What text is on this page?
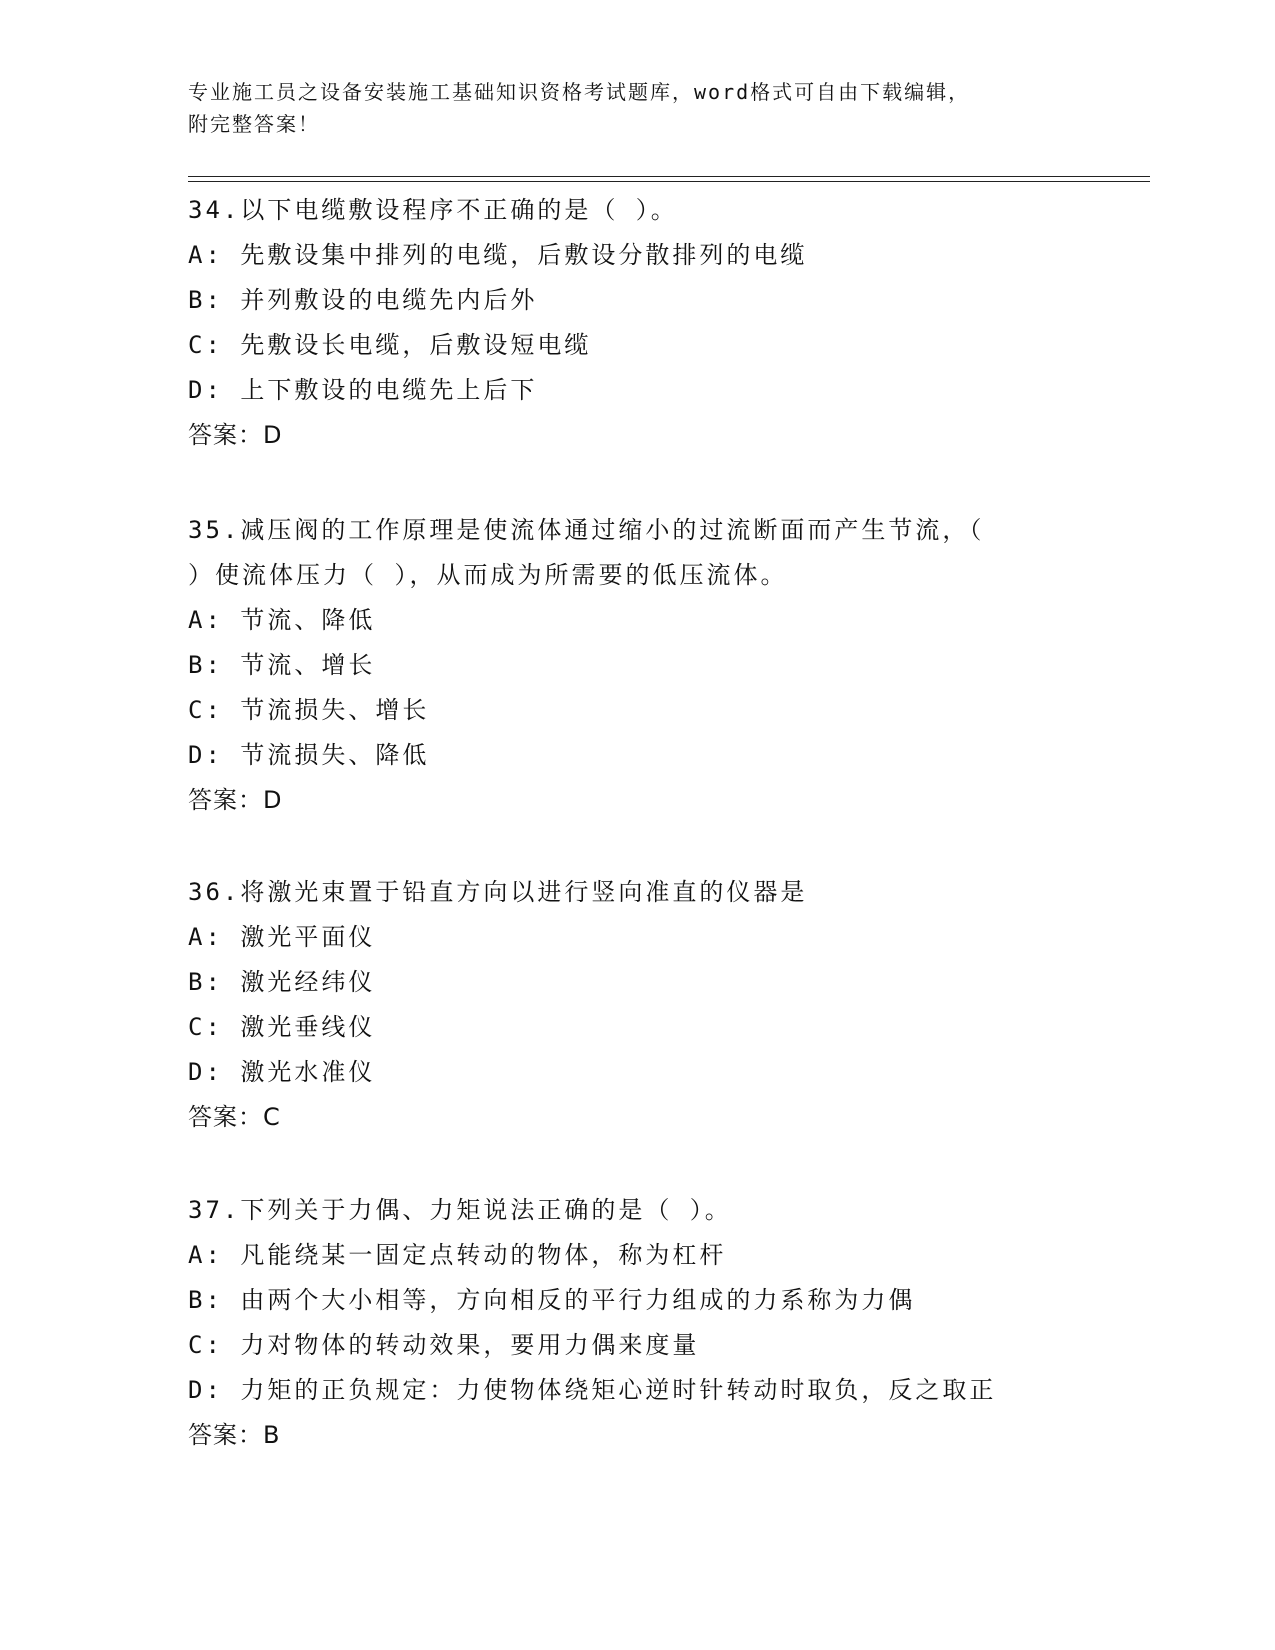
专业施工员之设备安装施工基础知识资格考试题库，word格式可自由下载编辑，
附完整答案！
34.以下电缆敷设程序不正确的是（ ）。
A: 先敷设集中排列的电缆，后敷设分散排列的电缆
B: 并列敷设的电缆先内后外
C: 先敷设长电缆，后敷设短电缆
D: 上下敷设的电缆先上后下
答案：D
35.减压阀的工作原理是使流体通过缩小的过流断面而产生节流，（
）使流体压力（ ），从而成为所需要的低压流体。
A: 节流、降低
B: 节流、增长
C: 节流损失、增长
D: 节流损失、降低
答案：D
36.将激光束置于铅直方向以进行竖向准直的仪器是
A: 激光平面仪
B: 激光经纬仪
C: 激光垂线仪
D: 激光水准仪
答案：C
37.下列关于力偶、力矩说法正确的是（ ）。
A: 凡能绕某一固定点转动的物体，称为杠杆
B: 由两个大小相等，方向相反的平行力组成的力系称为力偶
C: 力对物体的转动效果，要用力偶来度量
D: 力矩的正负规定：力使物体绕矩心逆时针转动时取负，反之取正
答案：B
